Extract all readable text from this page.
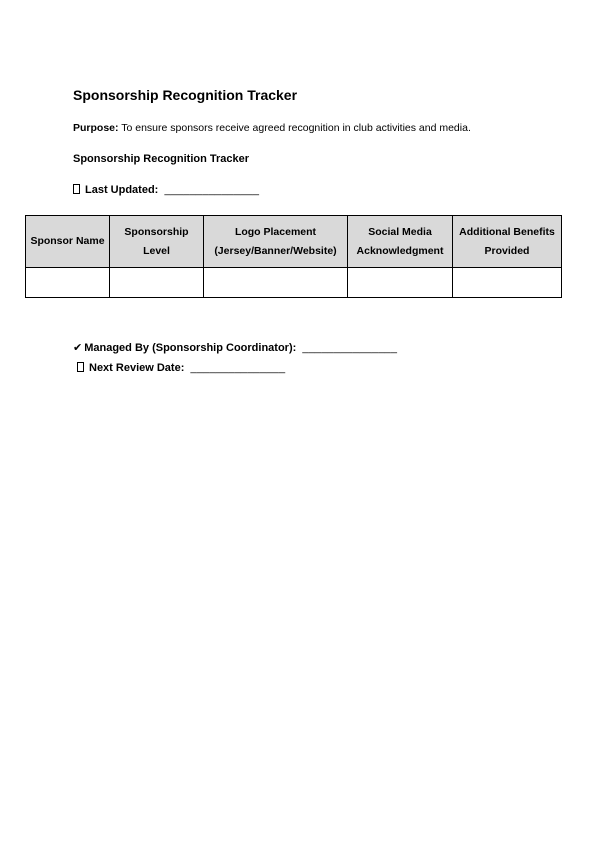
Sponsorship Recognition Tracker

Purpose: To ensure sponsors receive agreed recognition in club activities and media.

Sponsorship Recognition Tracker

Last Updated: _______________

Sponsor Name	Sponsorship Level	Logo Placement (Jersey/Banner/Website)	Social Media Acknowledgment	Additional Benefits Provided

✔ Managed By (Sponsorship Coordinator): _______________

Next Review Date: _______________
